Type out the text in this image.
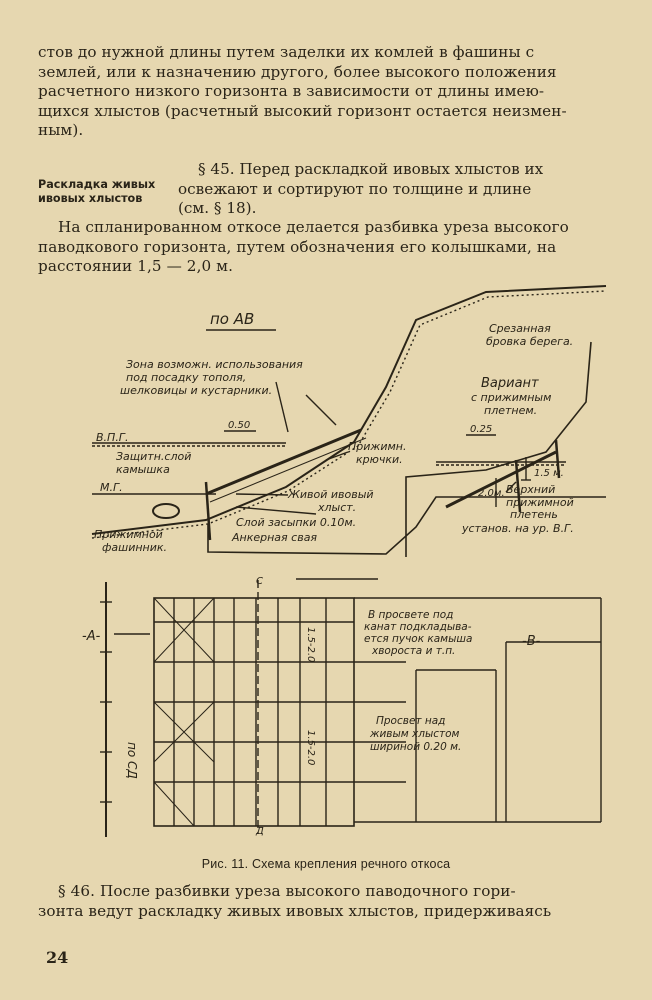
стов до нужной длины путем заделки их комлей в фашины с
землей, или к назначению другого, более высокого положения
расчетного низкого горизонта в зависимости от длины имею-
щихся хлыстов (расчетный высокий горизонт остается неизмен-
ным).
Раскладка живых
ивовых хлыстов
§ 45. Перед раскладкой ивовых хлыстов их
освежают и сортируют по толщине и длине
(см. § 18).
На спланированном откосе делается разбивка уреза высокого
паводкового горизонта, путем обозначения его колышками, на
расстоянии 1,5 — 2,0 м.
по АВ
Зона возможн. использования
под посадку тополя,
шелковицы и кустарники.
Срезанная
бровка берега.
Вариант
с прижимным
плетнем.
В.П.Г.
М.Г.
Защитн.слой
камышка
Прижимн.
крючки.
Живой ивовый
хлыст.
Слой засыпки 0.10м.
Анкерная свая
Прижимной
фашинник.
Верхний
прижимной
плетень
установ. на ур. В.Г.
0.50	0.25
1.5 м.
2.0м.
С
Д
-А-	-В-
по СД
1.5-2.0
1.5-2.0
В просвете под
канат подкладыва-
ется пучок камыша
хвороста и т.п.
Просвет над
живым хлыстом
шириной 0.20 м.
Рис. 11. Схема крепления речного откоса
§ 46. После разбивки уреза высокого паводочного гори-
зонта ведут раскладку живых ивовых хлыстов, придерживаясь
24
